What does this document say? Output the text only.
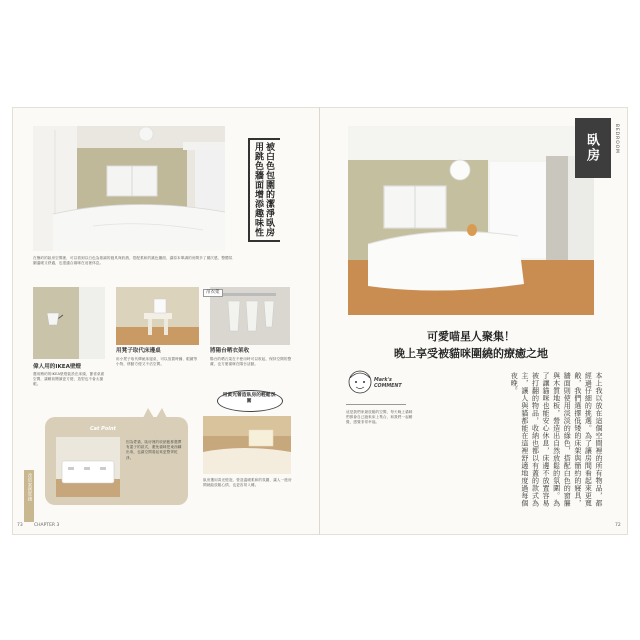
被白色包圍的潔淨臥房 用跳色牆面增添趣味性
在簡約的臥房空間裡，可以看到以白色為基調的寢具與收納，搭配柔和的跳色牆面，讓原本單調的房間多了層次感，整體氛圍溫暖又舒適，也很適合貓咪在這裡休息。
吊衣架
偉人用的IKEA壁燈
選用簡約的IKEA壁燈裝設在床頭，節省桌面空間，讓睡前閱讀更方便，造型也不會太搶眼。
用凳子取代床邊桌
用小凳子取代傳統床邊桌，可以放置時鐘、眼鏡等小物，移動方便又不佔空間。
將陽台晒衣架收
陽台的晒衣架在不使用時可以收起，保持空間的整潔，也方便貓咪在陽台活動。
Cat Point
因為愛貓，臥房裡的收納籃都選擇有蓋子的款式，避免貓咪把東西翻出來，也讓空間看起來更整齊乾淨。
用黃光營造臥房的輕鬆氛圍
臥房選用黃光燈泡，營造溫暖柔和的氛圍，讓人一進房間就能放鬆心情，也更容易入睡。
改造案例實踐
73	CHAPTER 3
臥房	BEDROOM
可愛喵星人聚集！
晚上享受被貓咪圍繞的療癒之地
Mark's COMMENT
這是我們家最放鬆的空間，每天晚上貓咪們都會自己跑來床上集合，和我們一起睡覺，感覺非常幸福。	本上我以放在這個空間裡的所有物品，都經過仔細的挑選。為了讓房間看起來更寬敞，我們選擇低矮的床架與簡約的寢具，牆面則使用淡淡的綠色，搭配白色的窗簾與木質地板，營造出自然放鬆的氛圍。為了讓貓咪也能安心休息，床邊不放置容易被打翻的物品，收納也都以有蓋的款式為主，讓人與貓都能在這裡舒適地度過每個夜晚。
72
